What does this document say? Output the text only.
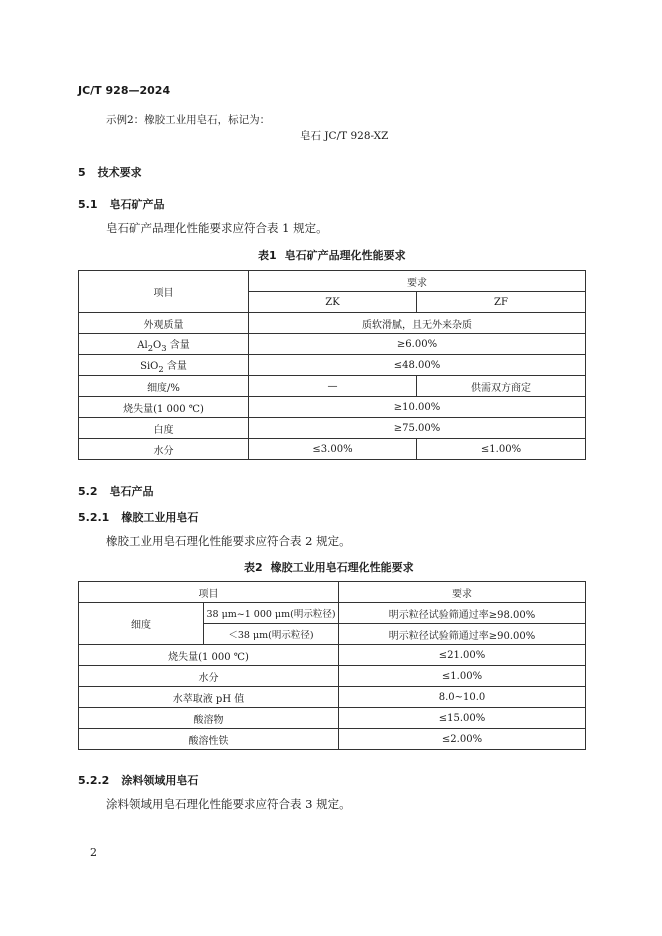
JC/T 928—2024
示例2：橡胶工业用皂石，标记为：
皂石 JC/T 928-XZ
5 技术要求
5.1 皂石矿产品
皂石矿产品理化性能要求应符合表 1 规定。
表1 皂石矿产品理化性能要求
项目	要求	
	ZK	ZF
外观质量	质软滑腻，且无外来杂质	
$Al_2O_3$ 含量	≥6.00%	
SiO$_2$ 含量	≤48.00%	
细度/%	—	供需双方商定
烧失量(1 000 ℃)	≥10.00%	
白度	≥75.00%	
水分	≤3.00%	≤1.00%
5.2 皂石产品
5.2.1 橡胶工业用皂石
橡胶工业用皂石理化性能要求应符合表 2 规定。
表2 橡胶工业用皂石理化性能要求
项目		要求
细度	38 μm~1 000 μm(明示粒径)	明示粒径试验筛通过率≥98.00%
	＜38 μm(明示粒径)	明示粒径试验筛通过率≥90.00%
烧失量(1 000 ℃)		≤21.00%
水分		≤1.00%
水萃取液 pH 值		8.0~10.0
酸溶物		≤15.00%
酸溶性铁		≤2.00%
5.2.2 涂料领域用皂石
涂料领域用皂石理化性能要求应符合表 3 规定。
2
